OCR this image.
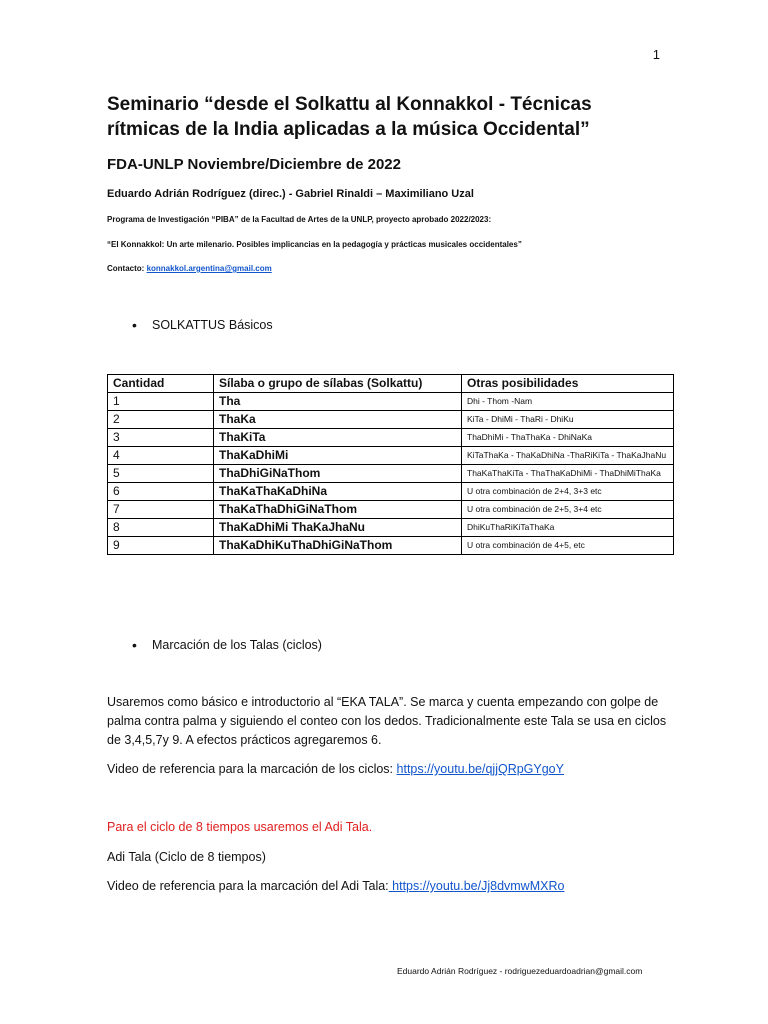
1
Seminario “desde el Solkattu al Konnakkol - Técnicas rítmicas de la India aplicadas a la música Occidental”
FDA-UNLP Noviembre/Diciembre de 2022
Eduardo Adrián Rodríguez (direc.) - Gabriel Rinaldi – Maximiliano Uzal
Programa de Investigación “PIBA” de la Facultad de Artes de la UNLP, proyecto aprobado 2022/2023:
“El Konnakkol: Un arte milenario. Posibles implicancias en la pedagogía y prácticas musicales occidentales”
Contacto: konnakkol.argentina@gmail.com
• SOLKATTUS Básicos
Cantidad	Sílaba o grupo de sílabas (Solkattu)	Otras posibilidades
1	Tha	Dhi - Thom -Nam
2	ThaKa	KiTa - DhiMi - ThaRi - DhiKu
3	ThaKiTa	ThaDhiMi - ThaThaKa - DhiNaKa
4	ThaKaDhiMi	KiTaThaKa - ThaKaDhiNa -ThaRiKiTa - ThaKaJhaNu
5	ThaDhiGiNaThom	ThaKaThaKiTa - ThaThaKaDhiMi - ThaDhiMiThaKa
6	ThaKaThaKaDhiNa	U otra combinación de 2+4, 3+3 etc
7	ThaKaThaDhiGiNaThom	U otra combinación de 2+5, 3+4 etc
8	ThaKaDhiMi ThaKaJhaNu	DhiKuThaRiKiTaThaKa
9	ThaKaDhiKuThaDhiGiNaThom	U otra combinación de 4+5, etc
• Marcación de los Talas (ciclos)
Usaremos como básico e introductorio al “EKA TALA”. Se marca y cuenta empezando con golpe de palma contra palma y siguiendo el conteo con los dedos. Tradicionalmente este Tala se usa en ciclos de 3,4,5,7y 9. A efectos prácticos agregaremos 6.
Video de referencia para la marcación de los ciclos: https://youtu.be/qjjQRpGYgoY
Para el ciclo de 8 tiempos usaremos el Adi Tala.
Adi Tala (Ciclo de 8 tiempos)
Video de referencia para la marcación del Adi Tala: https://youtu.be/Jj8dvmwMXRo
Eduardo Adrián Rodríguez - rodriguezeduardoadrian@gmail.com
